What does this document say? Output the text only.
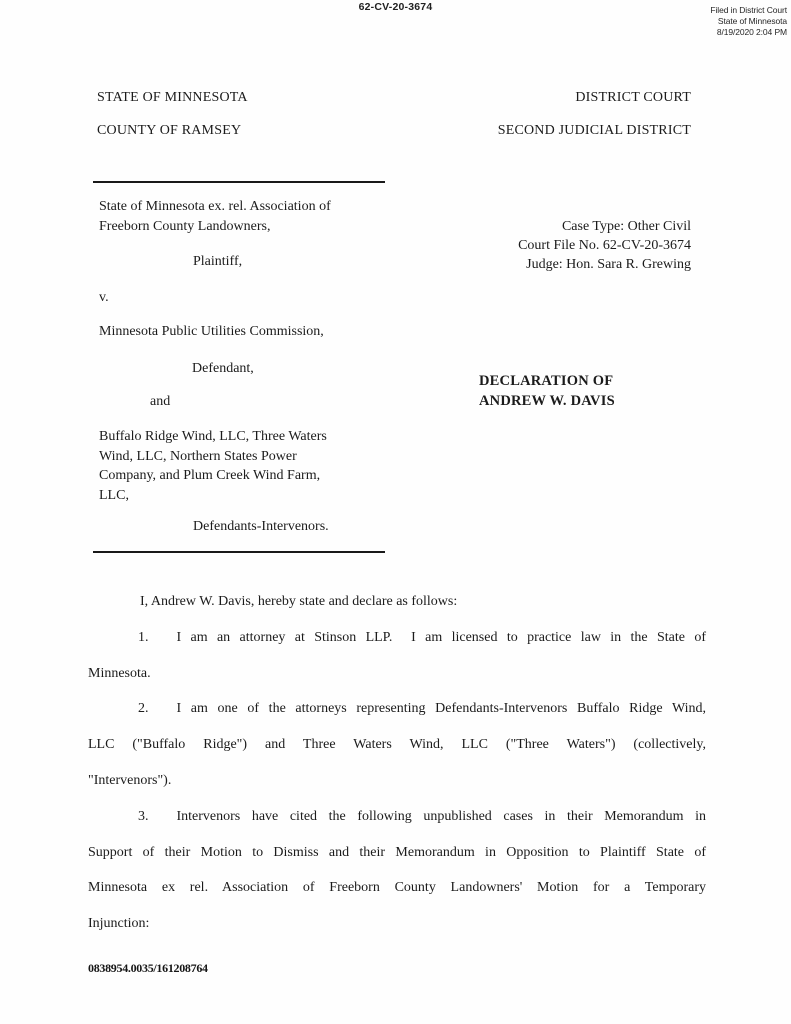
62-CV-20-3674	Filed in District Court
State of Minnesota
8/19/2020 2:04 PM
STATE OF MINNESOTA	DISTRICT COURT
COUNTY OF RAMSEY	SECOND JUDICIAL DISTRICT
State of Minnesota ex. rel. Association of
Freeborn County Landowners,
Plaintiff,
v.
Minnesota Public Utilities Commission,
Defendant,
and
Buffalo Ridge Wind, LLC, Three Waters
Wind, LLC, Northern States Power
Company, and Plum Creek Wind Farm,
LLC,
Defendants-Intervenors.
Case Type: Other Civil
Court File No. 62-CV-20-3674
Judge: Hon. Sara R. Grewing
DECLARATION OF
ANDREW W. DAVIS
I, Andrew W. Davis, hereby state and declare as follows:
1. I am an attorney at Stinson LLP.  I am licensed to practice law in the State of
Minnesota.
2. I am one of the attorneys representing Defendants-Intervenors Buffalo Ridge Wind,
LLC ("Buffalo Ridge") and Three Waters Wind, LLC ("Three Waters") (collectively,
"Intervenors").
3. Intervenors have cited the following unpublished cases in their Memorandum in
Support of their Motion to Dismiss and their Memorandum in Opposition to Plaintiff State of
Minnesota ex rel. Association of Freeborn County Landowners' Motion for a Temporary
Injunction:
0838954.0035/161208764
